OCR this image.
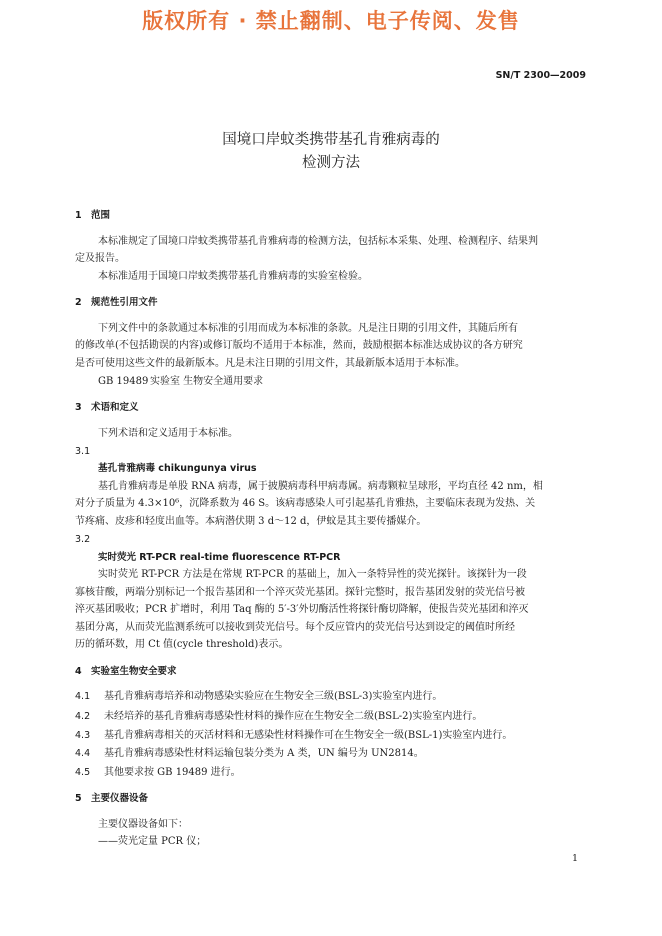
版权所有 · 禁止翻制、电子传阅、发售
SN/T 2300—2009
国境口岸蚊类携带基孔肯雅病毒的
检测方法
1 范围
本标准规定了国境口岸蚊类携带基孔肯雅病毒的检测方法，包括标本采集、处理、检测程序、结果判
定及报告。
本标准适用于国境口岸蚊类携带基孔肯雅病毒的实验室检验。
2 规范性引用文件
下列文件中的条款通过本标准的引用而成为本标准的条款。凡是注日期的引用文件，其随后所有
的修改单(不包括勘误的内容)或修订版均不适用于本标准，然而，鼓励根据本标准达成协议的各方研究
是否可使用这些文件的最新版本。凡是未注日期的引用文件，其最新版本适用于本标准。
GB 19489 实验室 生物安全通用要求
3 术语和定义
下列术语和定义适用于本标准。
3.1
基孔肯雅病毒 chikungunya virus
基孔肯雅病毒是单股 RNA 病毒，属于披膜病毒科甲病毒属。病毒颗粒呈球形，平均直径 42 nm，相
对分子质量为 4.3×10⁶，沉降系数为 46 S。该病毒感染人可引起基孔肯雅热，主要临床表现为发热、关
节疼痛、皮疹和轻度出血等。本病潜伏期 3 d～12 d，伊蚊是其主要传播媒介。
3.2
实时荧光 RT-PCR real-time fluorescence RT-PCR
实时荧光 RT-PCR 方法是在常规 RT-PCR 的基础上，加入一条特异性的荧光探针。该探针为一段
寡核苷酸，两端分别标记一个报告基团和一个淬灭荧光基团。探针完整时，报告基团发射的荧光信号被
淬灭基团吸收；PCR 扩增时，利用 Taq 酶的 5′-3′外切酶活性将探针酶切降解，使报告荧光基团和淬灭
基团分离，从而荧光监测系统可以接收到荧光信号。每个反应管内的荧光信号达到设定的阈值时所经
历的循环数，用 Ct 值(cycle threshold)表示。
4 实验室生物安全要求
4.1 基孔肯雅病毒培养和动物感染实验应在生物安全三级(BSL-3)实验室内进行。
4.2 未经培养的基孔肯雅病毒感染性材料的操作应在生物安全二级(BSL-2)实验室内进行。
4.3 基孔肯雅病毒相关的灭活材料和无感染性材料操作可在生物安全一级(BSL-1)实验室内进行。
4.4 基孔肯雅病毒感染性材料运输包装分类为 A 类，UN 编号为 UN2814。
4.5 其他要求按 GB 19489 进行。
5 主要仪器设备
主要仪器设备如下：
——荧光定量 PCR 仪；
1
